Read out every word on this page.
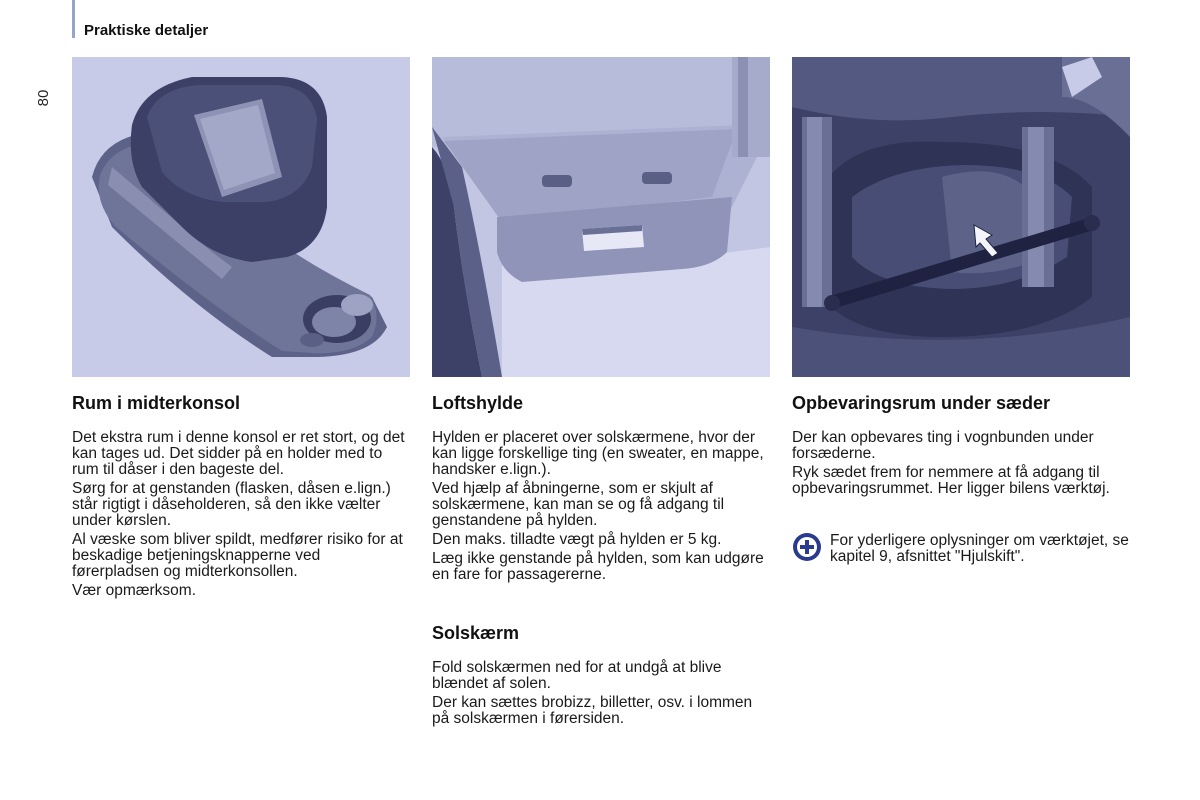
80
Praktiske detaljer
Rum i midterkonsol

Det ekstra rum i denne konsol er ret stort, og det kan tages ud. Det sidder på en holder med to rum til dåser i den bageste del.

Sørg for at genstanden (flasken, dåsen e.lign.) står rigtigt i dåseholderen, så den ikke vælter under kørslen.

Al væske som bliver spildt, medfører risiko for at beskadige betjeningsknapperne ved førerpladsen og midterkonsollen.

Vær opmærksom.

Loftshylde

Hylden er placeret over solskærmene, hvor der kan ligge forskellige ting (en sweater, en mappe, handsker e.lign.).

Ved hjælp af åbningerne, som er skjult af solskærmene, kan man se og få adgang til genstandene på hylden.

Den maks. tilladte vægt på hylden er 5 kg.

Læg ikke genstande på hylden, som kan udgøre en fare for passagererne.

Solskærm

Fold solskærmen ned for at undgå at blive blændet af solen.

Der kan sættes brobizz, billetter, osv. i lommen på solskærmen i førersiden.

Opbevaringsrum under sæder

Der kan opbevares ting i vognbunden under forsæderne.

Ryk sædet frem for nemmere at få adgang til opbevaringsrummet. Her ligger bilens værktøj.

For yderligere oplysninger om værktøjet, se kapitel 9, afsnittet "Hjulskift".
